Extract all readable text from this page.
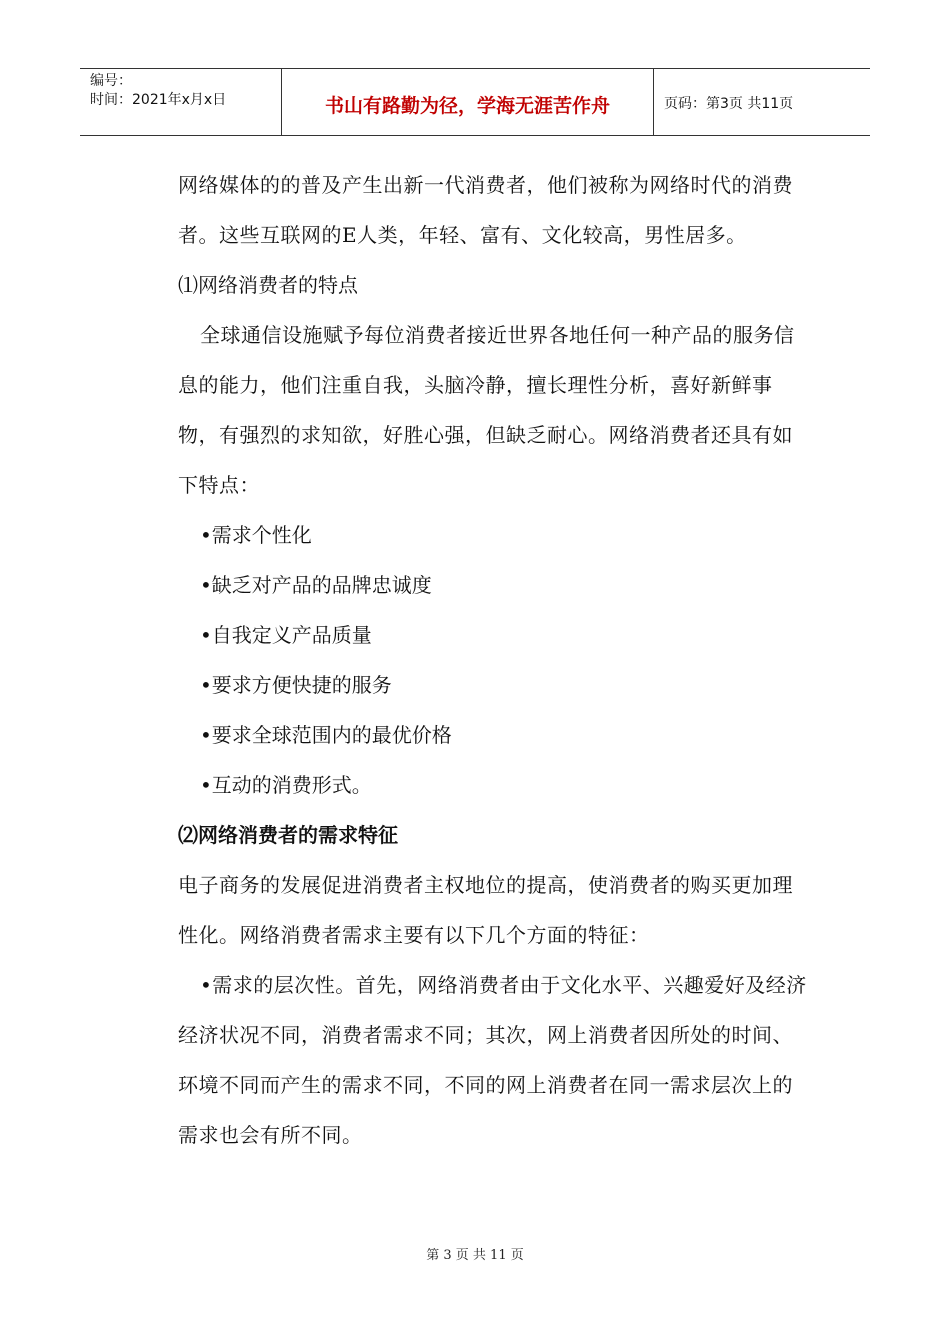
编号：
时间：2021年x月x日	书山有路勤为径，学海无涯苦作舟	页码：第3页 共11页

网络媒体的的普及产生出新一代消费者，他们被称为网络时代的消费者。这些互联网的E人类，年轻、富有、文化较高，男性居多。

⑴网络消费者的特点

全球通信设施赋予每位消费者接近世界各地任何一种产品的服务信息的能力，他们注重自我，头脑冷静，擅长理性分析，喜好新鲜事物，有强烈的求知欲，好胜心强，但缺乏耐心。网络消费者还具有如下特点：

•需求个性化

•缺乏对产品的品牌忠诚度

•自我定义产品质量

•要求方便快捷的服务

•要求全球范围内的最优价格

•互动的消费形式。

⑵网络消费者的需求特征

电子商务的发展促进消费者主权地位的提高，使消费者的购买更加理性化。网络消费者需求主要有以下几个方面的特征：

•需求的层次性。首先，网络消费者由于文化水平、兴趣爱好及经济经济状况不同，消费者需求不同；其次，网上消费者因所处的时间、环境不同而产生的需求不同，不同的网上消费者在同一需求层次上的需求也会有所不同。

第 3 页 共 11 页
